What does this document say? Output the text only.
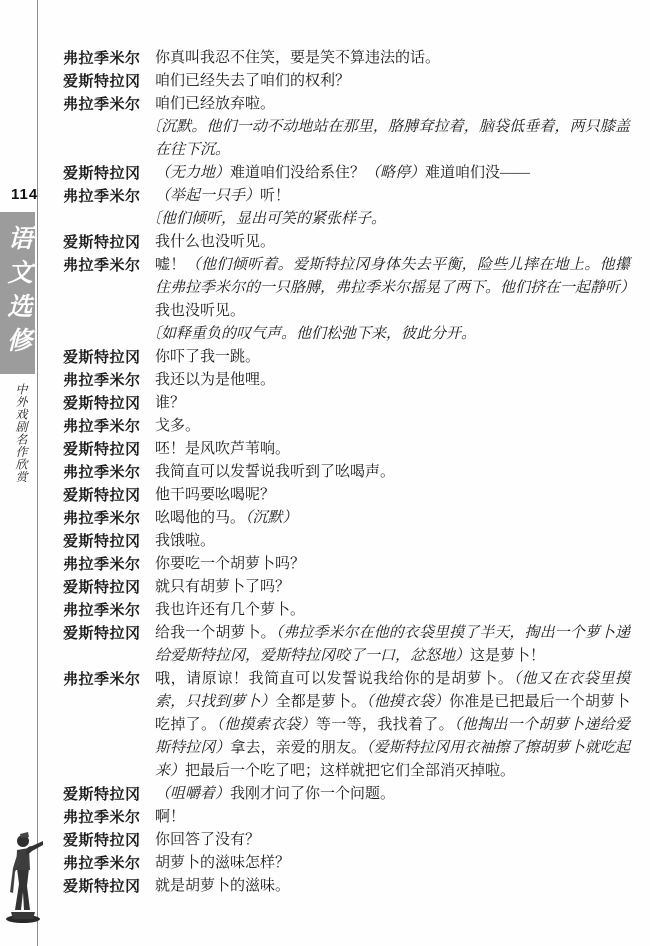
114
语文选修
中外戏剧名作欣赏
弗拉季米尔 你真叫我忍不住笑，要是笑不算违法的话。
爱斯特拉冈 咱们已经失去了咱们的权利？
弗拉季米尔 咱们已经放弃啦。
〔沉默。他们一动不动地站在那里，胳膊耷拉着，脑袋低垂着，两只膝盖在往下沉。
爱斯特拉冈 （无力地）难道咱们没给系住？（略停）难道咱们没——
弗拉季米尔 （举起一只手）听！
〔他们倾听，显出可笑的紧张样子。
爱斯特拉冈 我什么也没听见。
弗拉季米尔 嘘！（他们倾听着。爱斯特拉冈身体失去平衡，险些儿摔在地上。他攥住弗拉季米尔的一只胳膊，弗拉季米尔摇晃了两下。他们挤在一起静听）我也没听见。
〔如释重负的叹气声。他们松弛下来，彼此分开。
爱斯特拉冈 你吓了我一跳。
弗拉季米尔 我还以为是他哩。
爱斯特拉冈 谁？
弗拉季米尔 戈多。
爱斯特拉冈 呸！是风吹芦苇响。
弗拉季米尔 我简直可以发誓说我听到了吆喝声。
爱斯特拉冈 他干吗要吆喝呢？
弗拉季米尔 吆喝他的马。（沉默）
爱斯特拉冈 我饿啦。
弗拉季米尔 你要吃一个胡萝卜吗？
爱斯特拉冈 就只有胡萝卜了吗？
弗拉季米尔 我也许还有几个萝卜。
爱斯特拉冈 给我一个胡萝卜。（弗拉季米尔在他的衣袋里摸了半天，掏出一个萝卜递给爱斯特拉冈，爱斯特拉冈咬了一口，忿怒地）这是萝卜！
弗拉季米尔 哦，请原谅！我简直可以发誓说我给你的是胡萝卜。（他又在衣袋里摸索，只找到萝卜）全都是萝卜。（他摸衣袋）你准是已把最后一个胡萝卜吃掉了。（他摸索衣袋）等一等，我找着了。（他掏出一个胡萝卜递给爱斯特拉冈）拿去，亲爱的朋友。（爱斯特拉冈用衣袖擦了擦胡萝卜就吃起来）把最后一个吃了吧；这样就把它们全部消灭掉啦。
爱斯特拉冈 （咀嚼着）我刚才问了你一个问题。
弗拉季米尔 啊！
爱斯特拉冈 你回答了没有？
弗拉季米尔 胡萝卜的滋味怎样？
爱斯特拉冈 就是胡萝卜的滋味。
